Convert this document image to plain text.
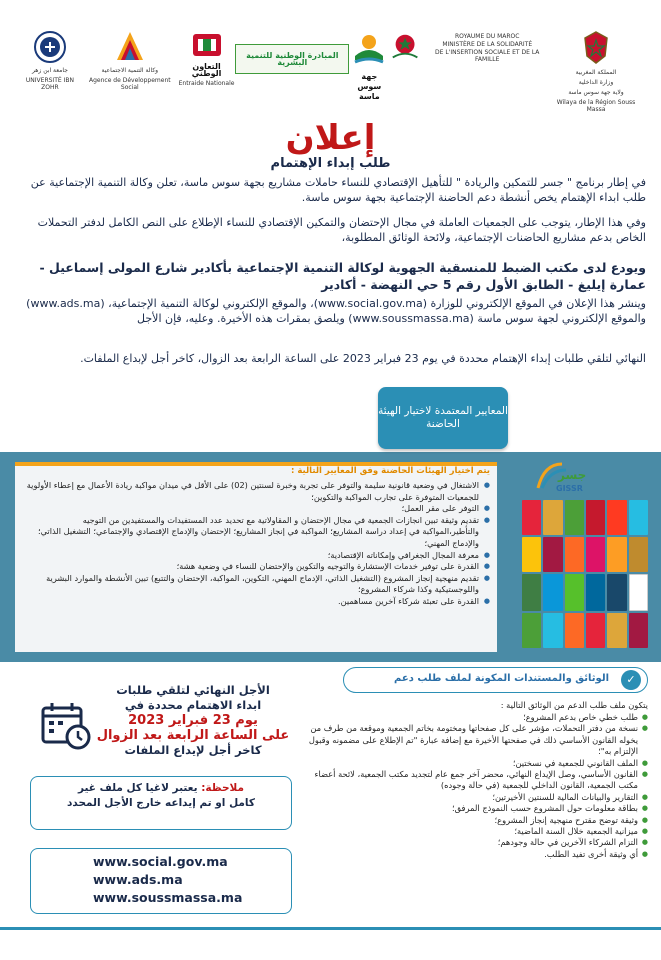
المملكة المغربية
وزارة الداخلية
ولاية جهة سوس ماسة
Wilaya de la Région Souss Massa
ROYAUME DU MAROC
MINISTÈRE DE LA SOLIDARITÉ
DE L'INSERTION SOCIALE ET DE LA FAMILLE
جهة
سوس
ماسة
المبادرة الوطنية للتنمية البشرية
التعاون الوطني
Entraide Nationale
وكالة التنمية الاجتماعية
Agence de Développement Social
جامعة ابن زهر
UNIVERSITÉ IBN ZOHR
إعلان
طلب إبداء الإهتمام

في إطار برنامج " جسر للتمكين والريادة " للتأهيل الإقتصادي للنساء حاملات مشاريع بجهة سوس ماسة، تعلن وكالة التنمية الإجتماعية عن طلب ابداء الإهتمام يخص أنشطة دعم الحاضنة الإجتماعية بجهة سوس ماسة.

وفي هذا الإطار، يتوجب على الجمعيات العاملة في مجال الإحتضان والتمكين الإقتصادي للنساء الإطلاع على النص الكامل لدفتر التحملات الخاص بدعم مشاريع الحاضنات الإجتماعية، ولائحة الوثائق المطلوبة،

ويودع لدى مكتب الضبط للمنسقية الجهوية لوكالة التنمية الإجتماعية بأكادير شارع المولى إسماعيل - عمارة إيليغ - الطابق الأول رقم 5 حي النهضة - أكادير

وينشر هذا الإعلان في الموقع الإلكتروني للوزارة (www.social.gov.ma)، والموقع الإلكتروني لوكالة التنمية الإجتماعية، (www.ads.ma) والموقع الإلكتروني لجهة سوس ماسة (www.soussmassa.ma) ويلصق بمقرات هذه الأخيرة. وعليه، فإن الأجل

النهائي لتلقي طلبات إبداء الإهتمام محددة في يوم 23 فبراير 2023 على الساعة الرابعة بعد الزوال، كاخر أجل لإبداع الملفات.

المعايير المعتمدة لاختيار الهيئة الحاضنة
يتم اختيار الهيئات الحاضنة وفق المعايير التالية :
● الاشتغال في وضعية قانونية سليمة والتوفر على تجربة وخبرة لسنتين (02) على الأقل في ميدان مواكبة ريادة الأعمال مع إعطاء الأولوية للجمعيات المتوفرة على تجارب المواكبة والتكوين؛
● التوفر على مقر العمل؛
● تقديم وثيقة تبين انجازات الجمعية في مجال الإحتضان و المقاولاتية مع تحديد عدد المستفيدات والمستفيدين من التوجيه والتأطير،المواكبة في إعداد دراسة المشاريع؛ المواكبة في إنجاز المشاريع؛ الإحتضان والإدماج الإقتصادي والإجتماعي؛ التشغيل الذاتي؛ والإدماج المهني؛
● معرفة المجال الجغرافي وإمكاناته الإقتصادية؛
● القدرة على توفير خدمات الإستشارة والتوجيه والتكوين والإحتضان للنساء في وضعية هشة؛
● تقديم منهجية إنجاز المشروع (التشغيل الذاتي، الإدماج المهني، التكوين، المواكبة، الإحتضان والتتبع) تبين الأنشطة والموارد البشرية واللوجستيكية وكذا شركاء المشروع؛
● القدرة على تعبئة شركاء آخرين مساهمين.
جسر
GISSR
✓
الوثائق والمستندات المكونة لملف طلب دعم
يتكون ملف طلب الدعم من الوثائق التالية :
● طلب خطي خاص بدعم المشروع؛
● نسخة من دفتر التحملات، مؤشر على كل صفحاتها ومختومة بخاتم الجمعية وموقعة من طرف من يخوله القانون الأساسي ذلك في صفحتها الأخيرة مع إضافة عبارة "تم الإطلاع على مضمونه وقبول الإلتزام به"؛
● الملف القانوني للجمعية في نسختين؛
● القانون الأساسي، وصل الإيداع النهائي، محضر آخر جمع عام لتجديد مكتب الجمعية، لائحة أعضاء مكتب الجمعية، القانون الداخلي للجمعية (في حالة وجوده)
● التقارير والبيانات المالية للسنتين الأخيرتين؛
● بطاقة معلومات حول المشروع حسب النموذج المرفق؛
● وثيقة توضح مقترح منهجية إنجاز المشروع؛
● ميزانية الجمعية خلال السنة الماضية؛
● التزام الشركاء الآخرين في حالة وجودهم؛
● أي وثيقة أخرى تفيد الطلب.
الأجل النهائي لتلقي طلبات
ابداء الاهتمام محددة في
يوم 23 فبراير 2023
على الساعة الرابعة بعد الزوال
كاخر أجل لإيداع الملفات
ملاحظة: يعتبر لاغيا كل ملف غير
كامل او تم إيداعه خارج الأجل المحدد
www.social.gov.ma
www.ads.ma
www.soussmassa.ma
